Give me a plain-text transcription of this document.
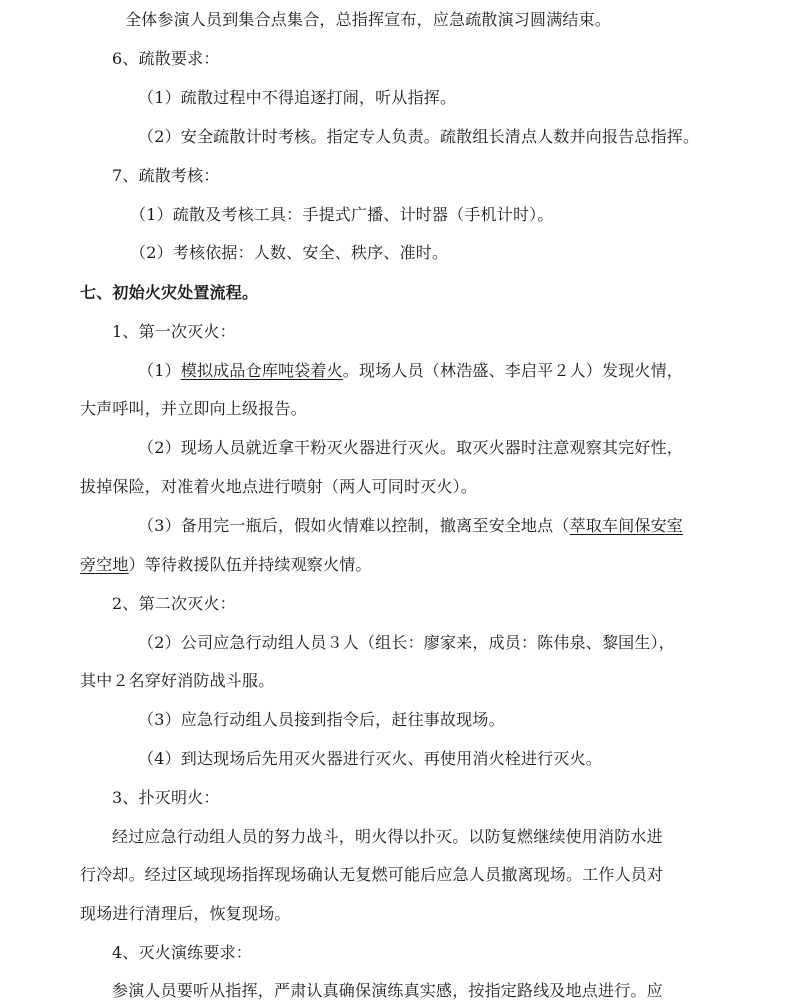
全体参演人员到集合点集合，总指挥宣布，应急疏散演习圆满结束。
6、疏散要求：
（1）疏散过程中不得追逐打闹，听从指挥。
（2）安全疏散计时考核。指定专人负责。疏散组长清点人数并向报告总指挥。
7、疏散考核：
（1）疏散及考核工具：手提式广播、计时器（手机计时）。
（2）考核依据：人数、安全、秩序、准时。
七、初始火灾处置流程。
1、第一次灭火：
（1）模拟成品仓库吨袋着火。现场人员（林浩盛、李启平２人）发现火情，
大声呼叫，并立即向上级报告。
（2）现场人员就近拿干粉灭火器进行灭火。取灭火器时注意观察其完好性，
拔掉保险，对准着火地点进行喷射（两人可同时灭火）。
（3）备用完一瓶后，假如火情难以控制，撤离至安全地点（萃取车间保安室
旁空地）等待救援队伍并持续观察火情。
2、第二次灭火：
（2）公司应急行动组人员３人（组长：廖家来，成员：陈伟泉、黎国生），
其中２名穿好消防战斗服。
（3）应急行动组人员接到指令后，赶往事故现场。
（4）到达现场后先用灭火器进行灭火、再使用消火栓进行灭火。
3、扑灭明火：
经过应急行动组人员的努力战斗，明火得以扑灭。以防复燃继续使用消防水进
行冷却。经过区域现场指挥现场确认无复燃可能后应急人员撤离现场。工作人员对
现场进行清理后，恢复现场。
4、灭火演练要求：
参演人员要听从指挥，严肃认真确保演练真实感，按指定路线及地点进行。应
